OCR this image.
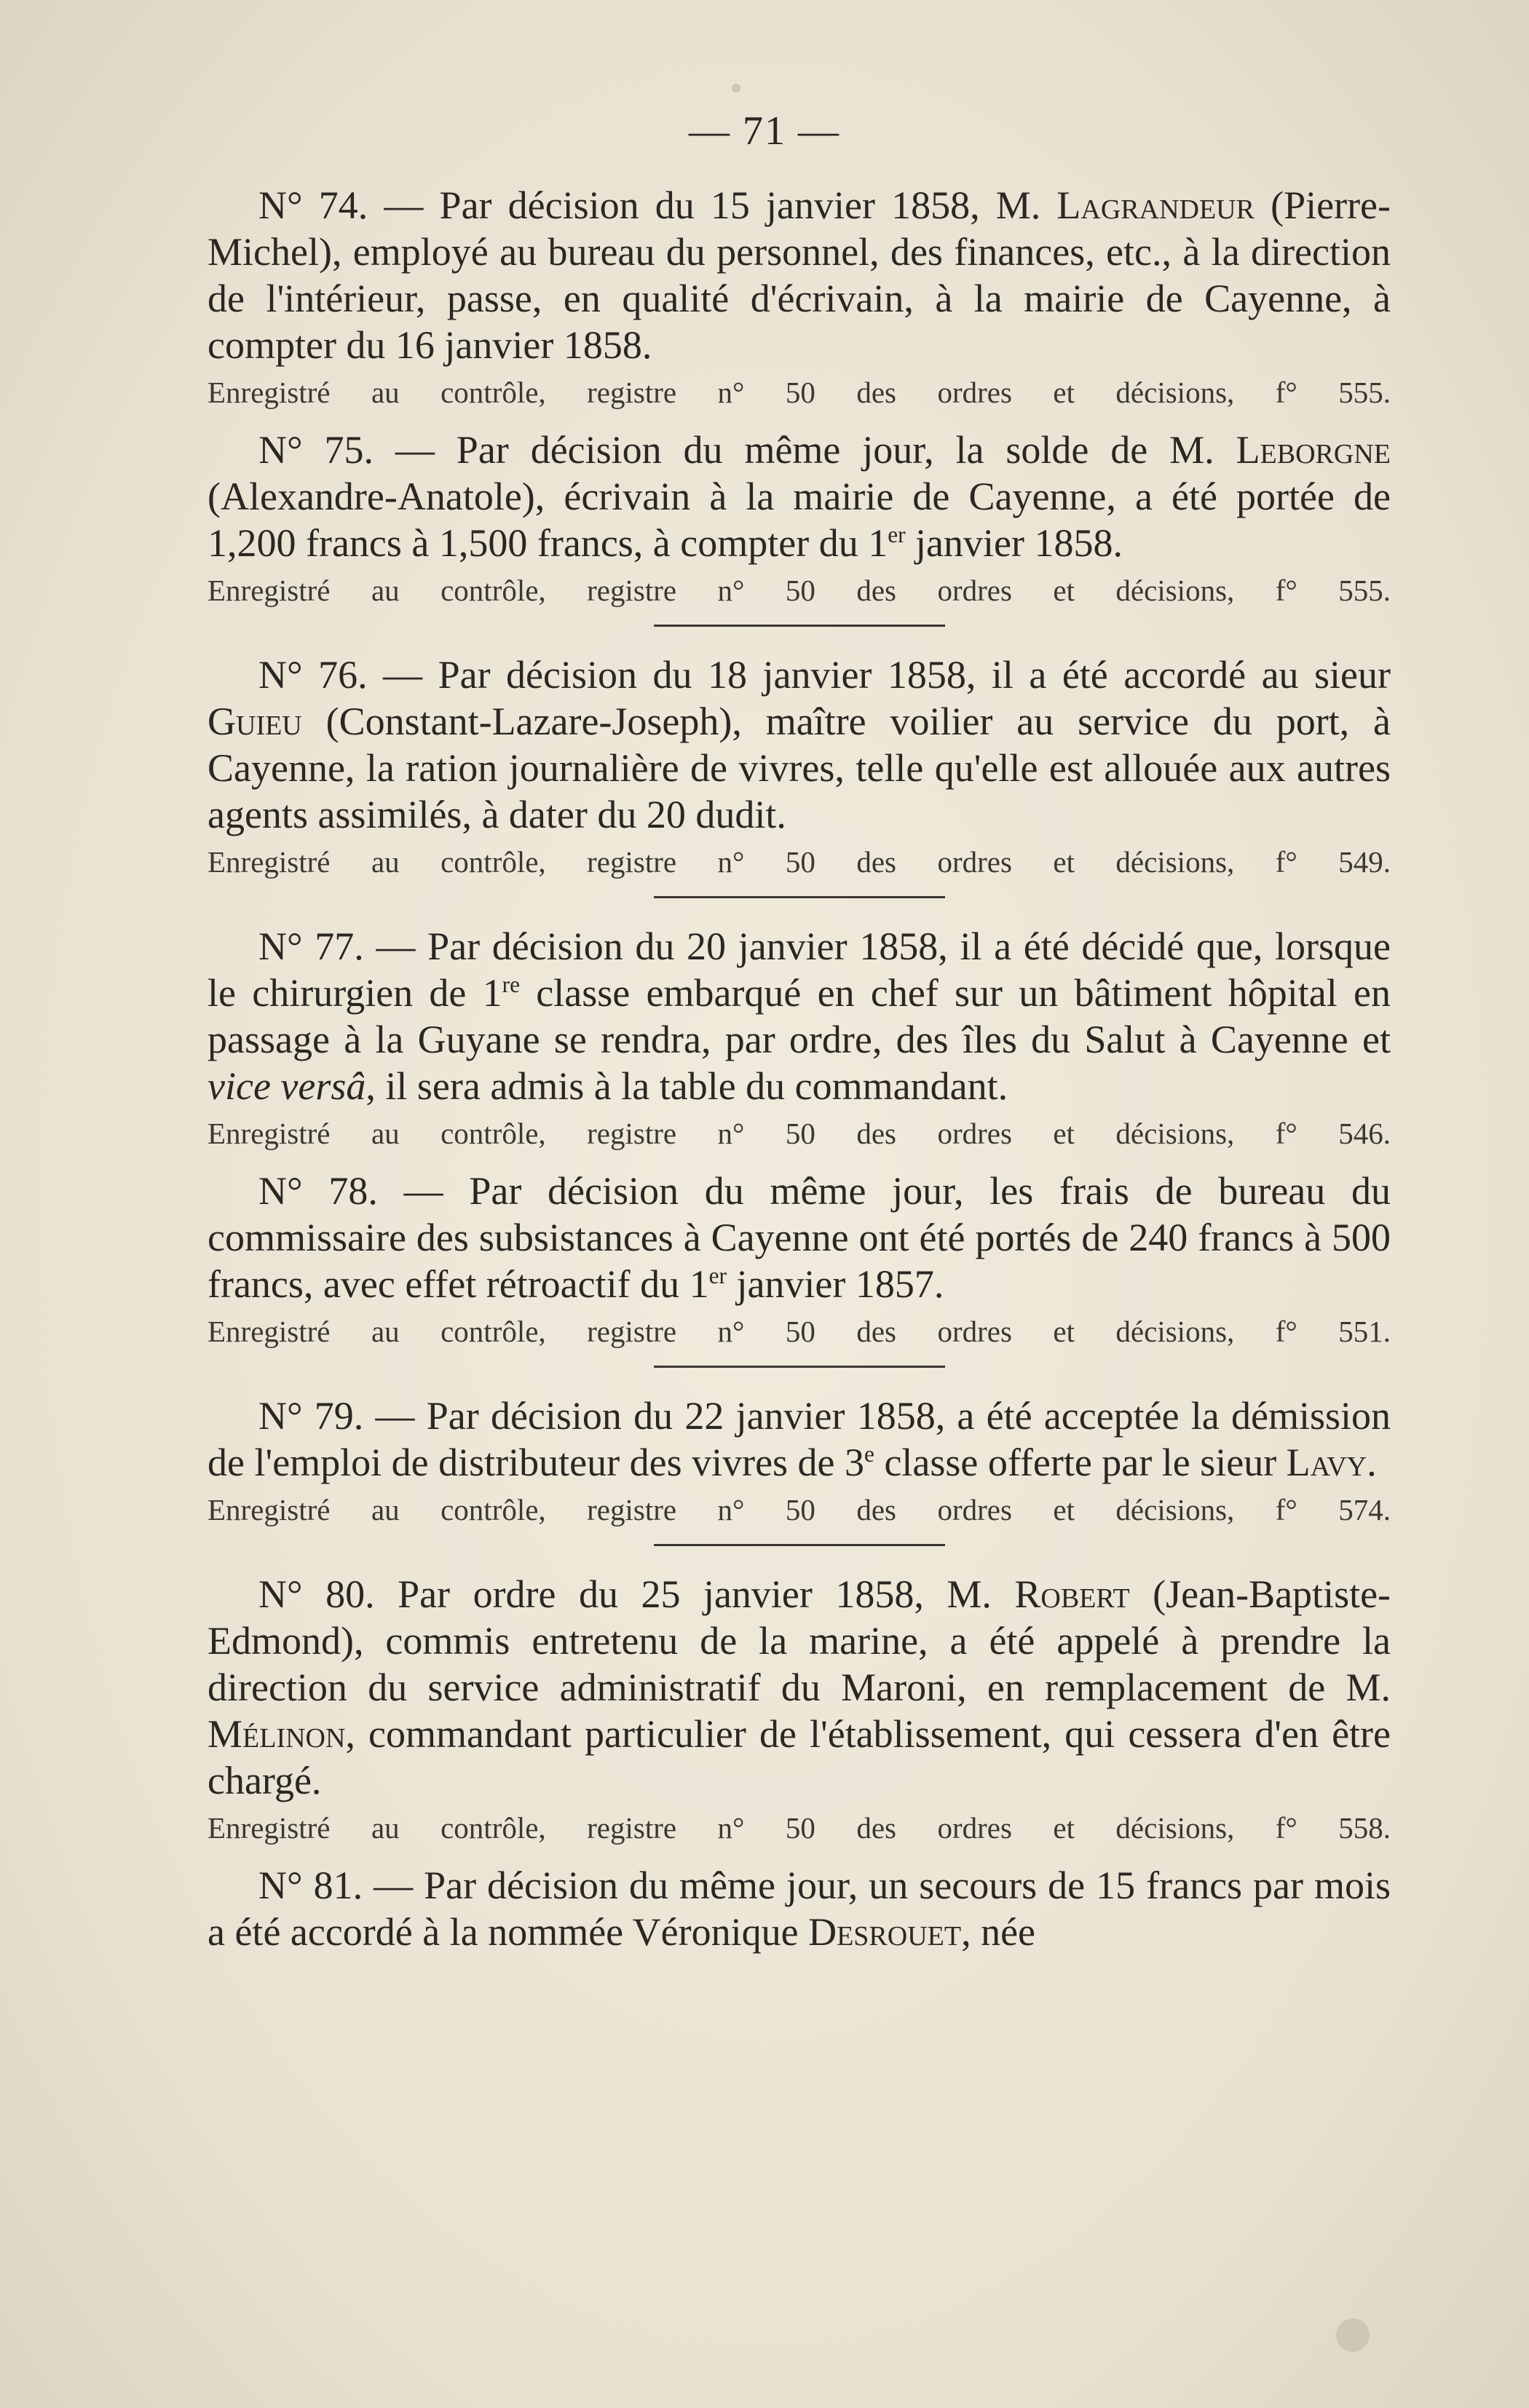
— 71 —

N° 74. — Par décision du 15 janvier 1858, M. Lagrandeur (Pierre-Michel), employé au bureau du personnel, des finances, etc., à la direction de l'intérieur, passe, en qualité d'écrivain, à la mairie de Cayenne, à compter du 16 janvier 1858.

Enregistré au contrôle, registre n° 50 des ordres et décisions, f° 555.

N° 75. — Par décision du même jour, la solde de M. Leborgne (Alexandre-Anatole), écrivain à la mairie de Cayenne, a été portée de 1,200 francs à 1,500 francs, à compter du 1er janvier 1858.

Enregistré au contrôle, registre n° 50 des ordres et décisions, f° 555.

N° 76. — Par décision du 18 janvier 1858, il a été accordé au sieur Guieu (Constant-Lazare-Joseph), maître voilier au service du port, à Cayenne, la ration journalière de vivres, telle qu'elle est allouée aux autres agents assimilés, à dater du 20 dudit.

Enregistré au contrôle, registre n° 50 des ordres et décisions, f° 549.

N° 77. — Par décision du 20 janvier 1858, il a été décidé que, lorsque le chirurgien de 1re classe embarqué en chef sur un bâtiment hôpital en passage à la Guyane se rendra, par ordre, des îles du Salut à Cayenne et vice versâ, il sera admis à la table du commandant.

Enregistré au contrôle, registre n° 50 des ordres et décisions, f° 546.

N° 78. — Par décision du même jour, les frais de bureau du commissaire des subsistances à Cayenne ont été portés de 240 francs à 500 francs, avec effet rétroactif du 1er janvier 1857.

Enregistré au contrôle, registre n° 50 des ordres et décisions, f° 551.

N° 79. — Par décision du 22 janvier 1858, a été acceptée la démission de l'emploi de distributeur des vivres de 3e classe offerte par le sieur Lavy.

Enregistré au contrôle, registre n° 50 des ordres et décisions, f° 574.

N° 80. Par ordre du 25 janvier 1858, M. Robert (Jean-Baptiste-Edmond), commis entretenu de la marine, a été appelé à prendre la direction du service administratif du Maroni, en remplacement de M. Mélinon, commandant particulier de l'établissement, qui cessera d'en être chargé.

Enregistré au contrôle, registre n° 50 des ordres et décisions, f° 558.

N° 81. — Par décision du même jour, un secours de 15 francs par mois a été accordé à la nommée Véronique Desrouet, née
